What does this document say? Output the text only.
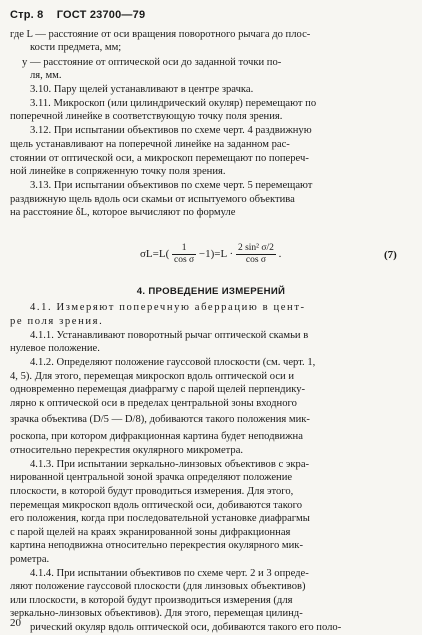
Стр. 8 ГОСТ 23700—79
где L — расстояние от оси вращения поворотного рычага до плос-
кости предмета, мм;
y — расстояние от оптической оси до заданной точки по-
ля, мм.
3.10. Пару щелей устанавливают в центре зрачка.
3.11. Микроскоп (или цилиндрический окуляр) перемещают по
поперечной линейке в соответствующую точку поля зрения.
3.12. При испытании объективов по схеме черт. 4 раздвижную
щель устанавливают на поперечной линейке на заданном рас-
стоянии от оптической оси, а микроскоп перемещают по попереч-
ной линейке в сопряженную точку поля зрения.
3.13. При испытании объективов по схеме черт. 5 перемещают
раздвижную щель вдоль оси скамьи от испытуемого объектива
на расстояние δL, которое вычисляют по формуле
$\sigma L=L( \frac{1}{\text{cos σ}} -1)=L \cdot \frac{\text{2 sin² σ/2}}{\text{cos σ}}$ .	(7)
4. ПРОВЕДЕНИЕ ИЗМЕРЕНИЙ
4.1. Измеряют поперечную аберрацию в цент-
ре поля зрения.
4.1.1. Устанавливают поворотный рычаг оптической скамьи в
нулевое положение.
4.1.2. Определяют положение гауссовой плоскости (см. черт. 1,
4, 5). Для этого, перемещая микроскоп вдоль оптической оси и
одновременно перемещая диафрагму с парой щелей перпендику-
лярно к оптической оси в пределах центральной зоны входного
зрачка объектива (D/5 — D/8), добиваются такого положения мик-
роскопа, при котором дифракционная картина будет неподвижна
относительно перекрестия окулярного микрометра.
4.1.3. При испытании зеркально-линзовых объективов с экра-
нированной центральной зоной зрачка определяют положение
плоскости, в которой будут проводиться измерения. Для этого,
перемещая микроскоп вдоль оптической оси, добиваются такого
его положения, когда при последовательной установке диафрагмы
с парой щелей на краях экранированной зоны дифракционная
картина неподвижна относительно перекрестия окулярного мик-
рометра.
4.1.4. При испытании объективов по схеме черт. 2 и 3 опреде-
ляют положение гауссовой плоскости (для линзовых объективов)
или плоскости, в которой будут производиться измерения (для
зеркально-линзовых объективов). Для этого, перемещая цилинд-
рический окуляр вдоль оптической оси, добиваются такого его поло-
20
